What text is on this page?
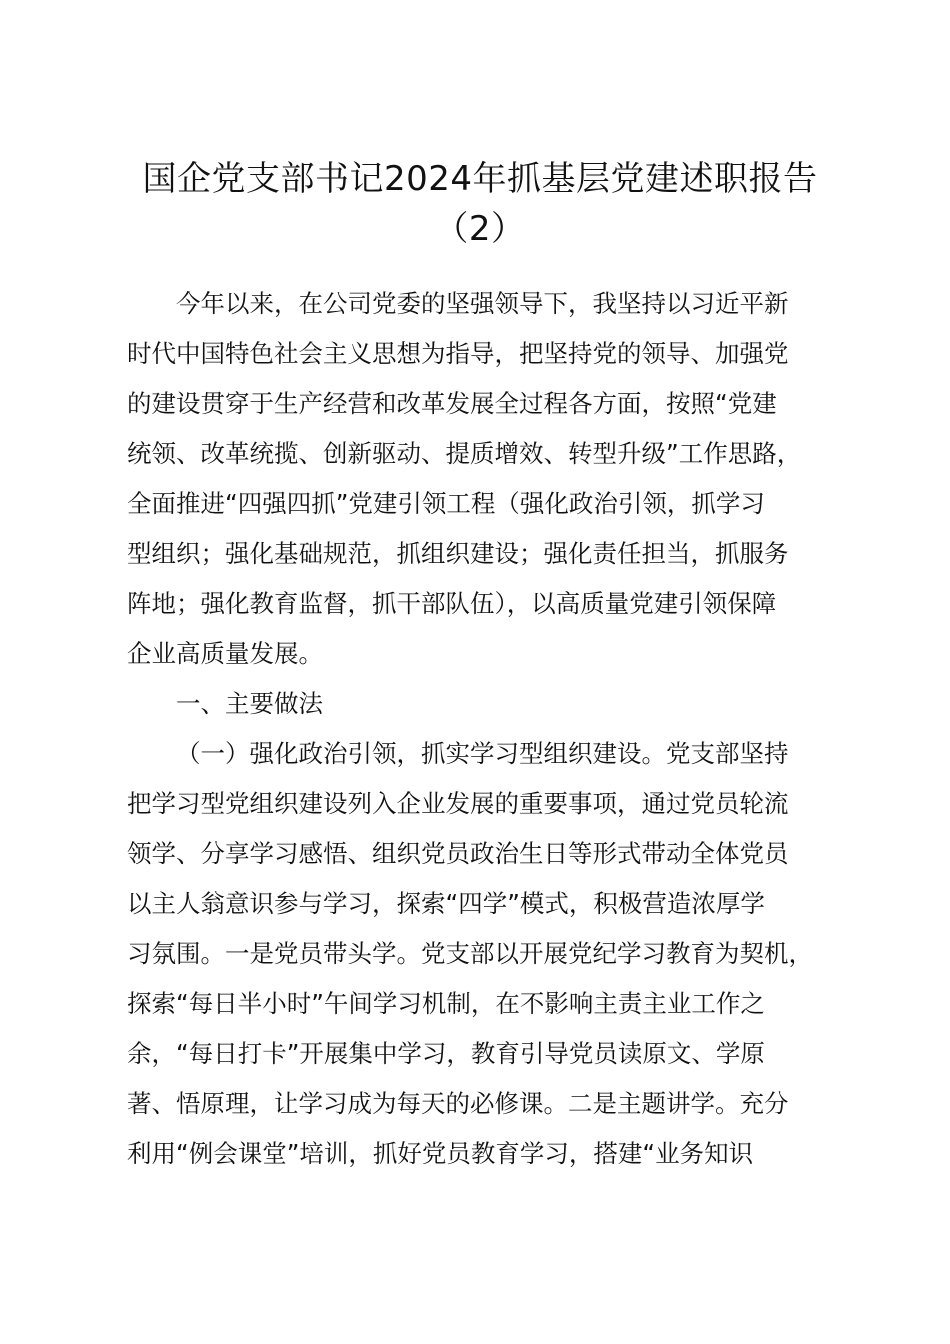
国企党支部书记2024年抓基层党建述职报告
（2）

今年以来，在公司党委的坚强领导下，我坚持以习近平新

时代中国特色社会主义思想为指导，把坚持党的领导、加强党

的建设贯穿于生产经营和改革发展全过程各方面，按照“党建

统领、改革统揽、创新驱动、提质增效、转型升级”工作思路，

全面推进“四强四抓”党建引领工程（强化政治引领，抓学习

型组织；强化基础规范，抓组织建设；强化责任担当，抓服务

阵地；强化教育监督，抓干部队伍），以高质量党建引领保障

企业高质量发展。

一、主要做法

（一）强化政治引领，抓实学习型组织建设。党支部坚持

把学习型党组织建设列入企业发展的重要事项，通过党员轮流

领学、分享学习感悟、组织党员政治生日等形式带动全体党员

以主人翁意识参与学习，探索“四学”模式，积极营造浓厚学

习氛围。一是党员带头学。党支部以开展党纪学习教育为契机，

探索“每日半小时”午间学习机制，在不影响主责主业工作之

余，“每日打卡”开展集中学习，教育引导党员读原文、学原

著、悟原理，让学习成为每天的必修课。二是主题讲学。充分

利用“例会课堂”培训，抓好党员教育学习，搭建“业务知识
